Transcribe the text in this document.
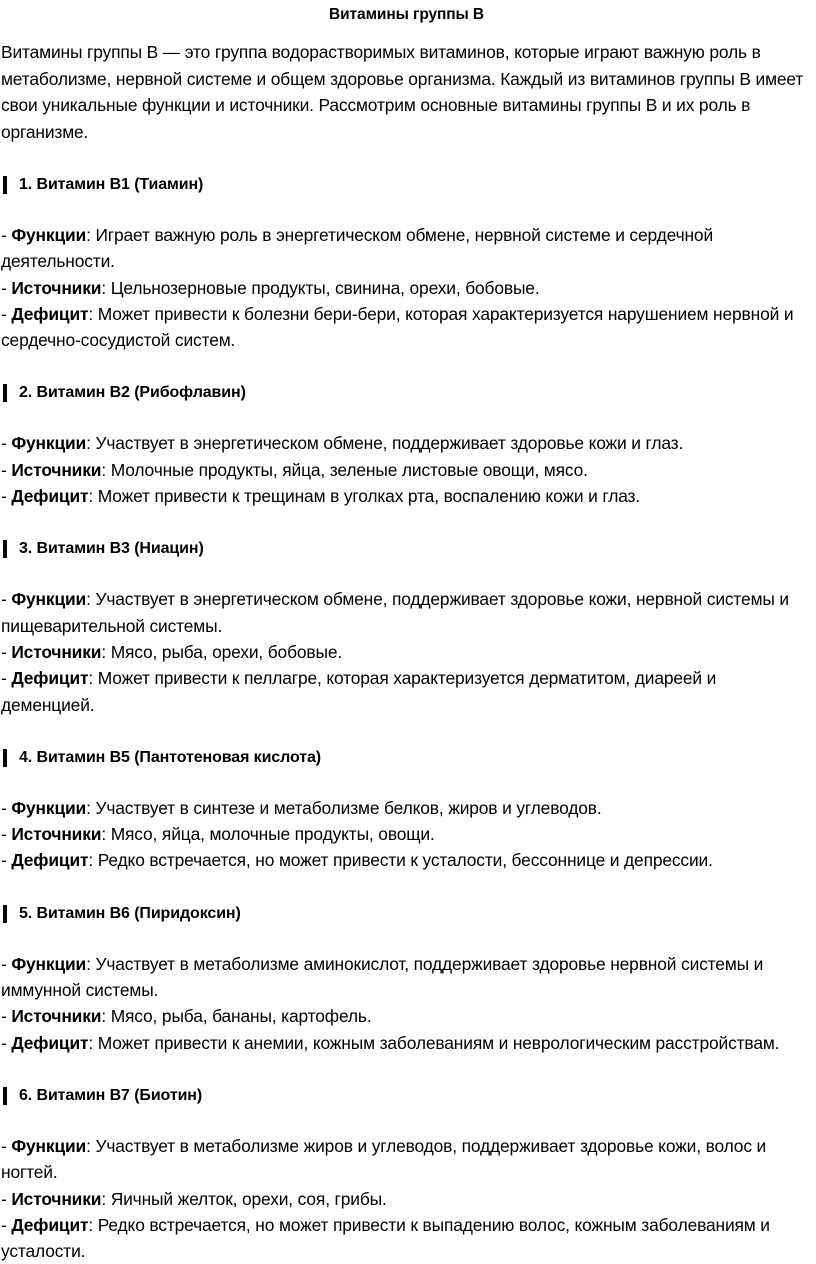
Витамины группы В

Витамины группы В — это группа водорастворимых витаминов, которые играют важную роль в метаболизме, нервной системе и общем здоровье организма. Каждый из витаминов группы В имеет свои уникальные функции и источники. Рассмотрим основные витамины группы В и их роль в организме.

1. Витамин B1 (Тиамин)
- Функции: Играет важную роль в энергетическом обмене, нервной системе и сердечной деятельности.
- Источники: Цельнозерновые продукты, свинина, орехи, бобовые.
- Дефицит: Может привести к болезни бери-бери, которая характеризуется нарушением нервной и сердечно-сосудистой систем.
2. Витамин B2 (Рибофлавин)
- Функции: Участвует в энергетическом обмене, поддерживает здоровье кожи и глаз.
- Источники: Молочные продукты, яйца, зеленые листовые овощи, мясо.
- Дефицит: Может привести к трещинам в уголках рта, воспалению кожи и глаз.
3. Витамин B3 (Ниацин)
- Функции: Участвует в энергетическом обмене, поддерживает здоровье кожи, нервной системы и пищеварительной системы.
- Источники: Мясо, рыба, орехи, бобовые.
- Дефицит: Может привести к пеллагре, которая характеризуется дерматитом, диареей и деменцией.
4. Витамин B5 (Пантотеновая кислота)
- Функции: Участвует в синтезе и метаболизме белков, жиров и углеводов.
- Источники: Мясо, яйца, молочные продукты, овощи.
- Дефицит: Редко встречается, но может привести к усталости, бессоннице и депрессии.
5. Витамин B6 (Пиридоксин)
- Функции: Участвует в метаболизме аминокислот, поддерживает здоровье нервной системы и иммунной системы.
- Источники: Мясо, рыба, бананы, картофель.
- Дефицит: Может привести к анемии, кожным заболеваниям и неврологическим расстройствам.
6. Витамин B7 (Биотин)
- Функции: Участвует в метаболизме жиров и углеводов, поддерживает здоровье кожи, волос и ногтей.
- Источники: Яичный желток, орехи, соя, грибы.
- Дефицит: Редко встречается, но может привести к выпадению волос, кожным заболеваниям и усталости.
